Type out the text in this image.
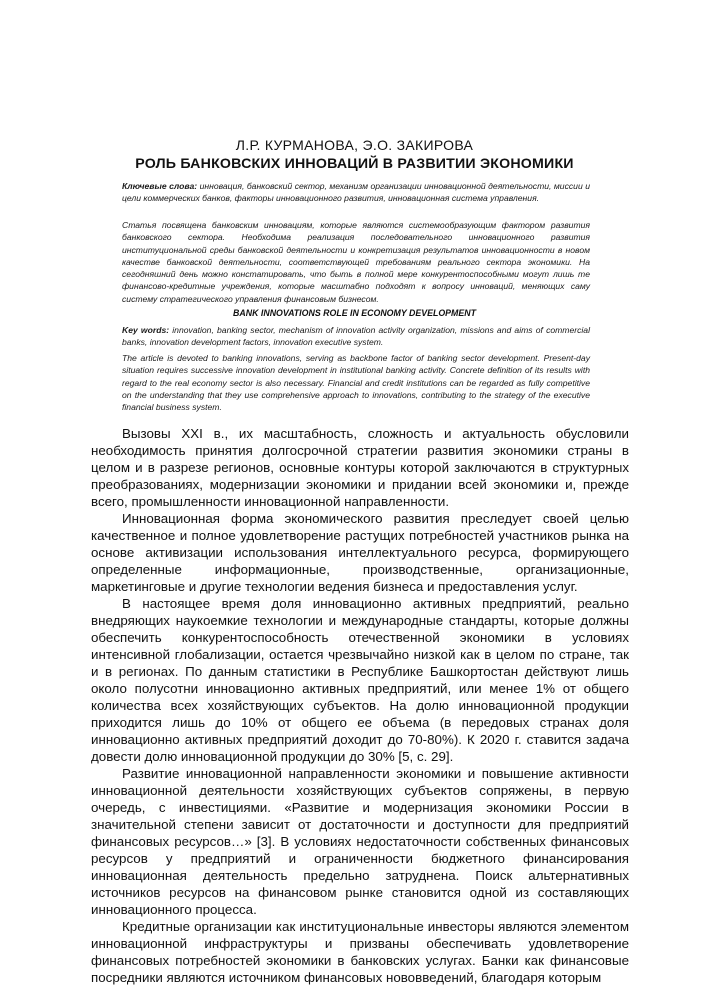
Л.Р. КУРМАНОВА, Э.О. ЗАКИРОВА
РОЛЬ БАНКОВСКИХ ИННОВАЦИЙ В РАЗВИТИИ ЭКОНОМИКИ

Ключевые слова: инновация, банковский сектор, механизм организации инновационной деятельности, миссии и цели коммерческих банков, факторы инновационного развития, инновационная система управления.

Статья посвящена банковским инновациям, которые являются системообразующим фактором развития банковского сектора. Необходима реализация последовательного инновационного развития институциональной среды банковской деятельности и конкретизация результатов инновационности в новом качестве банковской деятельности, соответствующей требованиям реального сектора экономики. На сегодняшний день можно констатировать, что быть в полной мере конкурентоспособными могут лишь те финансово-кредитные учреждения, которые масштабно подходят к вопросу инноваций, меняющих саму систему стратегического управления финансовым бизнесом.

BANK INNOVATIONS ROLE IN ECONOMY DEVELOPMENT

Key words: innovation, banking sector, mechanism of innovation activity organization, missions and aims of commercial banks, innovation development factors, innovation executive system.

The article is devoted to banking innovations, serving as backbone factor of banking sector development. Present-day situation requires successive innovation development in institutional banking activity. Concrete definition of its results with regard to the real economy sector is also necessary. Financial and credit institutions can be regarded as fully competitive on the understanding that they use comprehensive approach to innovations, contributing to the strategy of the executive financial business system.

Вызовы XXI в., их масштабность, сложность и актуальность обусловили необходимость принятия долгосрочной стратегии развития экономики страны в целом и в разрезе регионов, основные контуры которой заключаются в структурных преобразованиях, модернизации экономики и придании всей экономики и, прежде всего, промышленности инновационной направленности.

Инновационная форма экономического развития преследует своей целью качественное и полное удовлетворение растущих потребностей участников рынка на основе активизации использования интеллектуального ресурса, формирующего определенные информационные, производственные, организационные, маркетинговые и другие технологии ведения бизнеса и предоставления услуг.

В настоящее время доля инновационно активных предприятий, реально внедряющих наукоемкие технологии и международные стандарты, которые должны обеспечить конкурентоспособность отечественной экономики в условиях интенсивной глобализации, остается чрезвычайно низкой как в целом по стране, так и в регионах. По данным статистики в Республике Башкортостан действуют лишь около полусотни инновационно активных предприятий, или менее 1% от общего количества всех хозяйствующих субъектов. На долю инновационной продукции приходится лишь до 10% от общего ее объема (в передовых странах доля инновационно активных предприятий доходит до 70-80%). К 2020 г. ставится задача довести долю инновационной продукции до 30% [5, с. 29].

Развитие инновационной направленности экономики и повышение активности инновационной деятельности хозяйствующих субъектов сопряжены, в первую очередь, с инвестициями. «Развитие и модернизация экономики России в значительной степени зависит от достаточности и доступности для предприятий финансовых ресурсов…» [3]. В условиях недостаточности собственных финансовых ресурсов у предприятий и ограниченности бюджетного финансирования инновационная деятельность предельно затруднена. Поиск альтернативных источников ресурсов на финансовом рынке становится одной из составляющих инновационного процесса.

Кредитные организации как институциональные инвесторы являются элементом инновационной инфраструктуры и призваны обеспечивать удовлетворение финансовых потребностей экономики в банковских услугах. Банки как финансовые посредники являются источником финансовых нововведений, благодаря которым
